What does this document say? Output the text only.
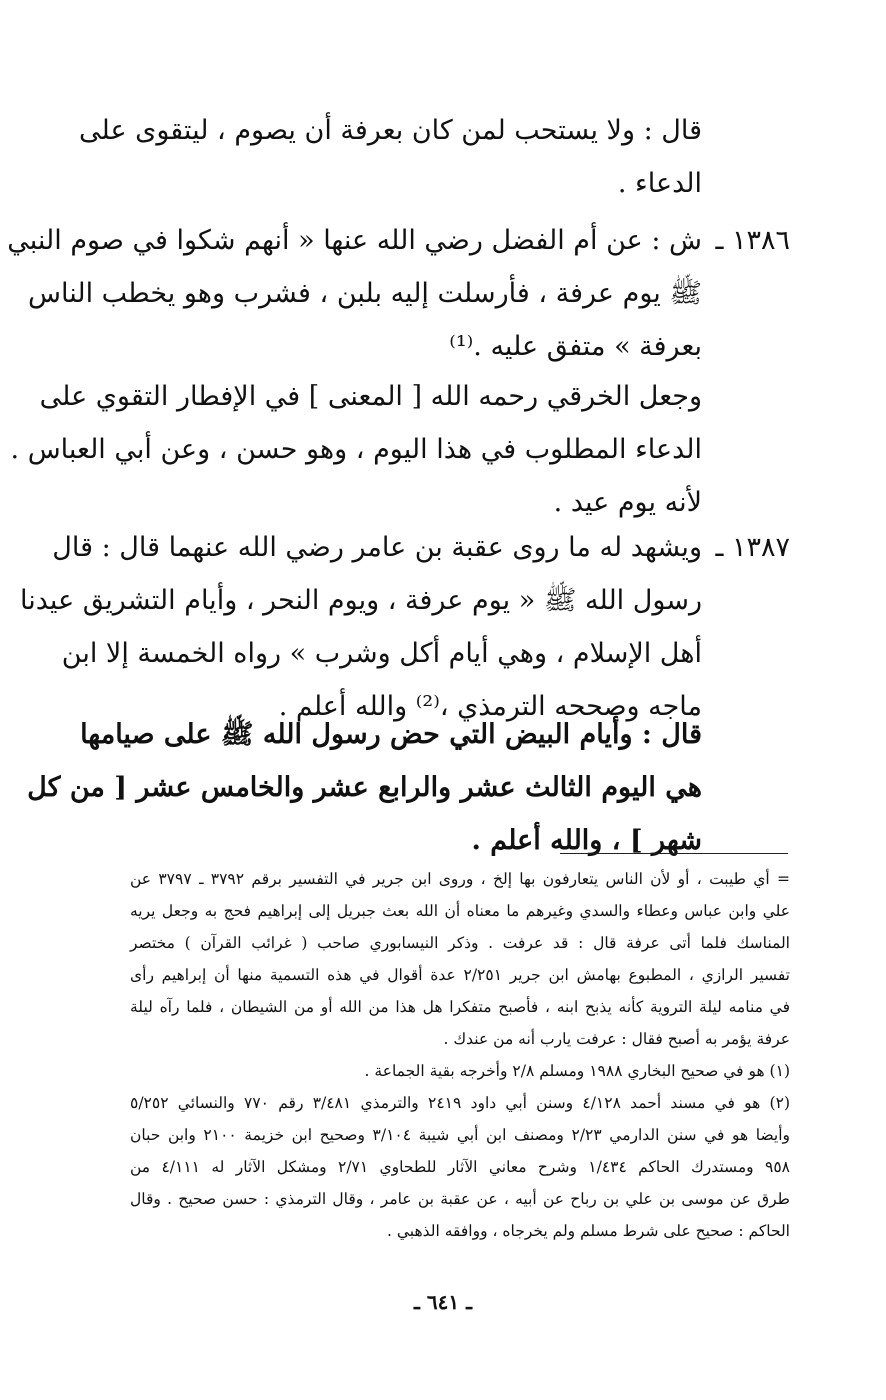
قال : ولا يستحب لمن كان بعرفة أن يصوم ، ليتقوى على
الدعاء .
١٣٨٦ ـ
ش : عن أم الفضل رضي الله عنها « أنهم شكوا في صوم النبي
ﷺ يوم عرفة ، فأرسلت إليه بلبن ، فشرب وهو يخطب الناس
بعرفة » متفق عليه .⁽¹⁾
وجعل الخرقي رحمه الله [ المعنى ] في الإفطار التقوي على
الدعاء المطلوب في هذا اليوم ، وهو حسن ، وعن أبي العباس .
لأنه يوم عيد .
١٣٨٧ ـ
ويشهد له ما روى عقبة بن عامر رضي الله عنهما قال : قال
رسول الله ﷺ « يوم عرفة ، ويوم النحر ، وأيام التشريق عيدنا
أهل الإسلام ، وهي أيام أكل وشرب » رواه الخمسة إلا ابن
ماجه وصححه الترمذي ،⁽²⁾ والله أعلم .
قال : وأيام البيض التي حض رسول الله ﷺ على صيامها
هي اليوم الثالث عشر والرابع عشر والخامس عشر [ من كل
شهر ] ، والله أعلم .
= أي طيبت ، أو لأن الناس يتعارفون بها إلخ ، وروى ابن جرير في التفسير برقم ٣٧٩٢ ـ ٣٧٩٧ عن
علي وابن عباس وعطاء والسدي وغيرهم ما معناه أن الله بعث جبريل إلى إبراهيم فحج به وجعل يريه
المناسك فلما أتى عرفة قال : قد عرفت . وذكر النيسابوري صاحب ( غرائب القرآن ) مختصر
تفسير الرازي ، المطبوع بهامش ابن جرير ٢/٢٥١ عدة أقوال في هذه التسمية منها أن إبراهيم رأى
في منامه ليلة التروية كأنه يذبح ابنه ، فأصبح متفكرا هل هذا من الله أو من الشيطان ، فلما رآه ليلة
عرفة يؤمر به أصبح فقال : عرفت يارب أنه من عندك .
(١) هو في صحيح البخاري ١٩٨٨ ومسلم ٢/٨ وأخرجه بقية الجماعة .
(٢) هو في مسند أحمد ٤/١٢٨ وسنن أبي داود ٢٤١٩ والترمذي ٣/٤٨١ رقم ٧٧٠ والنسائي ٥/٢٥٢
وأيضا هو في سنن الدارمي ٢/٢٣ ومصنف ابن أبي شيبة ٣/١٠٤ وصحيح ابن خزيمة ٢١٠٠ وابن حبان
٩٥٨ ومستدرك الحاكم ١/٤٣٤ وشرح معاني الآثار للطحاوي ٢/٧١ ومشكل الآثار له ٤/١١١ من
طرق عن موسى بن علي بن رباح عن أبيه ، عن عقبة بن عامر ، وقال الترمذي : حسن صحيح . وقال
الحاكم : صحيح على شرط مسلم ولم يخرجاه ، ووافقه الذهبي .
ـ ٦٤١ ـ
